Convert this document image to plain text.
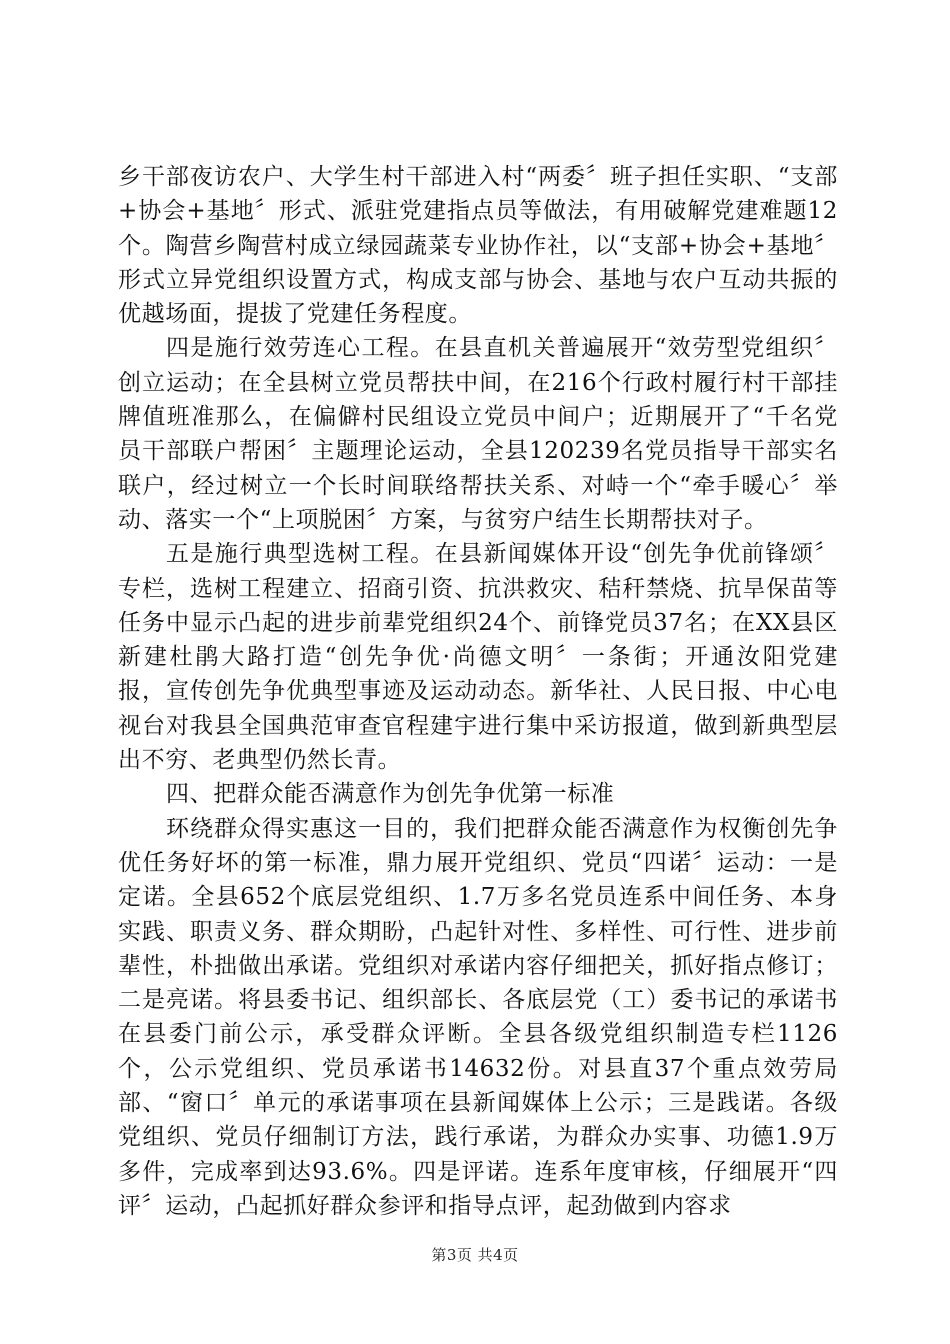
乡干部夜访农户、大学生村干部进入村“两委〞班子担任实职、“支部+协会+基地〞形式、派驻党建指点员等做法，有用破解党建难题12个。陶营乡陶营村成立绿园蔬菜专业协作社，以“支部+协会+基地〞形式立异党组织设置方式，构成支部与协会、基地与农户互动共振的优越场面，提拔了党建任务程度。

四是施行效劳连心工程。在县直机关普遍展开“效劳型党组织〞创立运动；在全县树立党员帮扶中间，在216个行政村履行村干部挂牌值班准那么，在偏僻村民组设立党员中间户；近期展开了“千名党员干部联户帮困〞主题理论运动，全县120239名党员指导干部实名联户，经过树立一个长时间联络帮扶关系、对峙一个“牵手暖心〞举动、落实一个“上项脱困〞方案，与贫穷户结生长期帮扶对子。

五是施行典型选树工程。在县新闻媒体开设“创先争优前锋颂〞专栏，选树工程建立、招商引资、抗洪救灾、秸秆禁烧、抗旱保苗等任务中显示凸起的进步前辈党组织24个、前锋党员37名；在XX县区新建杜鹃大路打造“创先争优·尚德文明〞一条街；开通汝阳党建　 报，宣传创先争优典型事迹及运动动态。新华社、人民日报、中心电视台对我县全国典范审查官程建宇进行集中采访报道，做到新典型层出不穷、老典型仍然长青。

四、把群众能否满意作为创先争优第一标准

环绕群众得实惠这一目的，我们把群众能否满意作为权衡创先争优任务好坏的第一标准，鼎力展开党组织、党员“四诺〞运动：一是定诺。全县652个底层党组织、1.7万多名党员连系中间任务、本身实践、职责义务、群众期盼，凸起针对性、多样性、可行性、进步前辈性，朴拙做出承诺。党组织对承诺内容仔细把关，抓好指点修订；二是亮诺。将县委书记、组织部长、各底层党（工）委书记的承诺书在县委门前公示，承受群众评断。全县各级党组织制造专栏1126个，公示党组织、党员承诺书14632份。对县直37个重点效劳局部、“窗口〞单元的承诺事项在县新闻媒体上公示；三是践诺。各级党组织、党员仔细制订方法，践行承诺，为群众办实事、功德1.9万多件，完成率到达93.6%。四是评诺。连系年度审核，仔细展开“四评〞运动，凸起抓好群众参评和指导点评，起劲做到内容求

第3页 共4页
